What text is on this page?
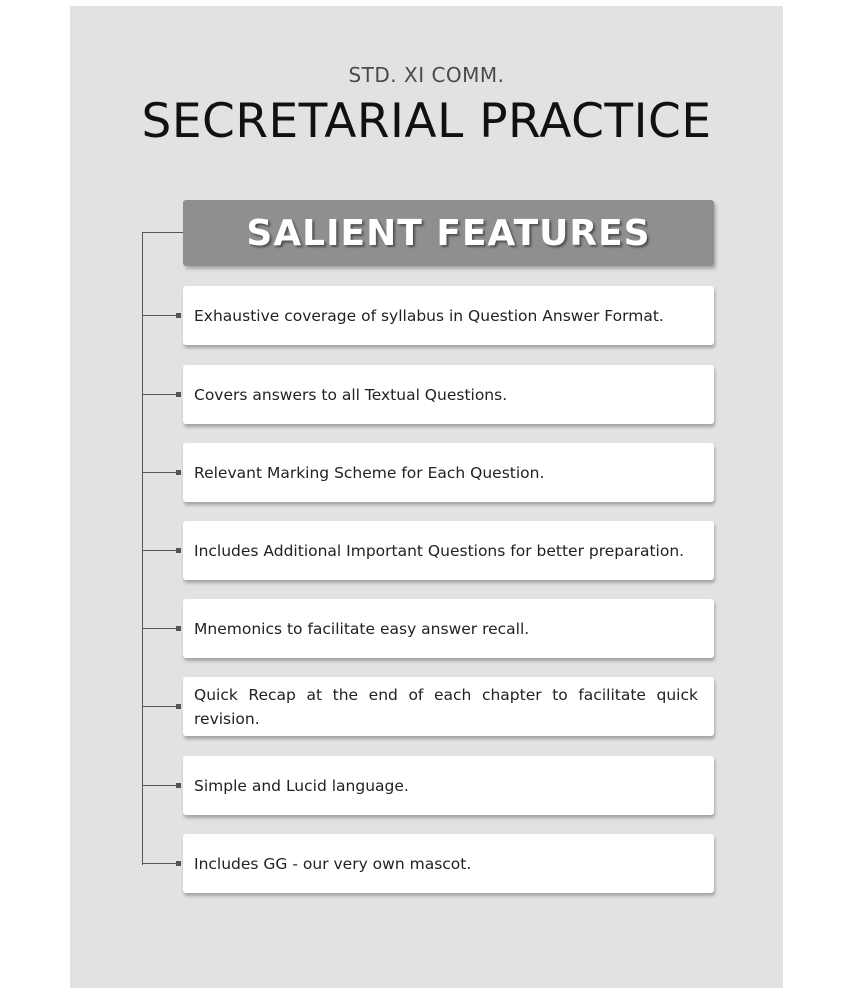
STD. XI COMM.
SECRETARIAL PRACTICE
SALIENT FEATURES
Exhaustive coverage of syllabus in Question Answer Format.
Covers answers to all Textual Questions.
Relevant Marking Scheme for Each Question.
Includes Additional Important Questions for better preparation.
Mnemonics to facilitate easy answer recall.
Quick Recap at the end of each chapter to facilitate quick revision.
Simple and Lucid language.
Includes GG - our very own mascot.
